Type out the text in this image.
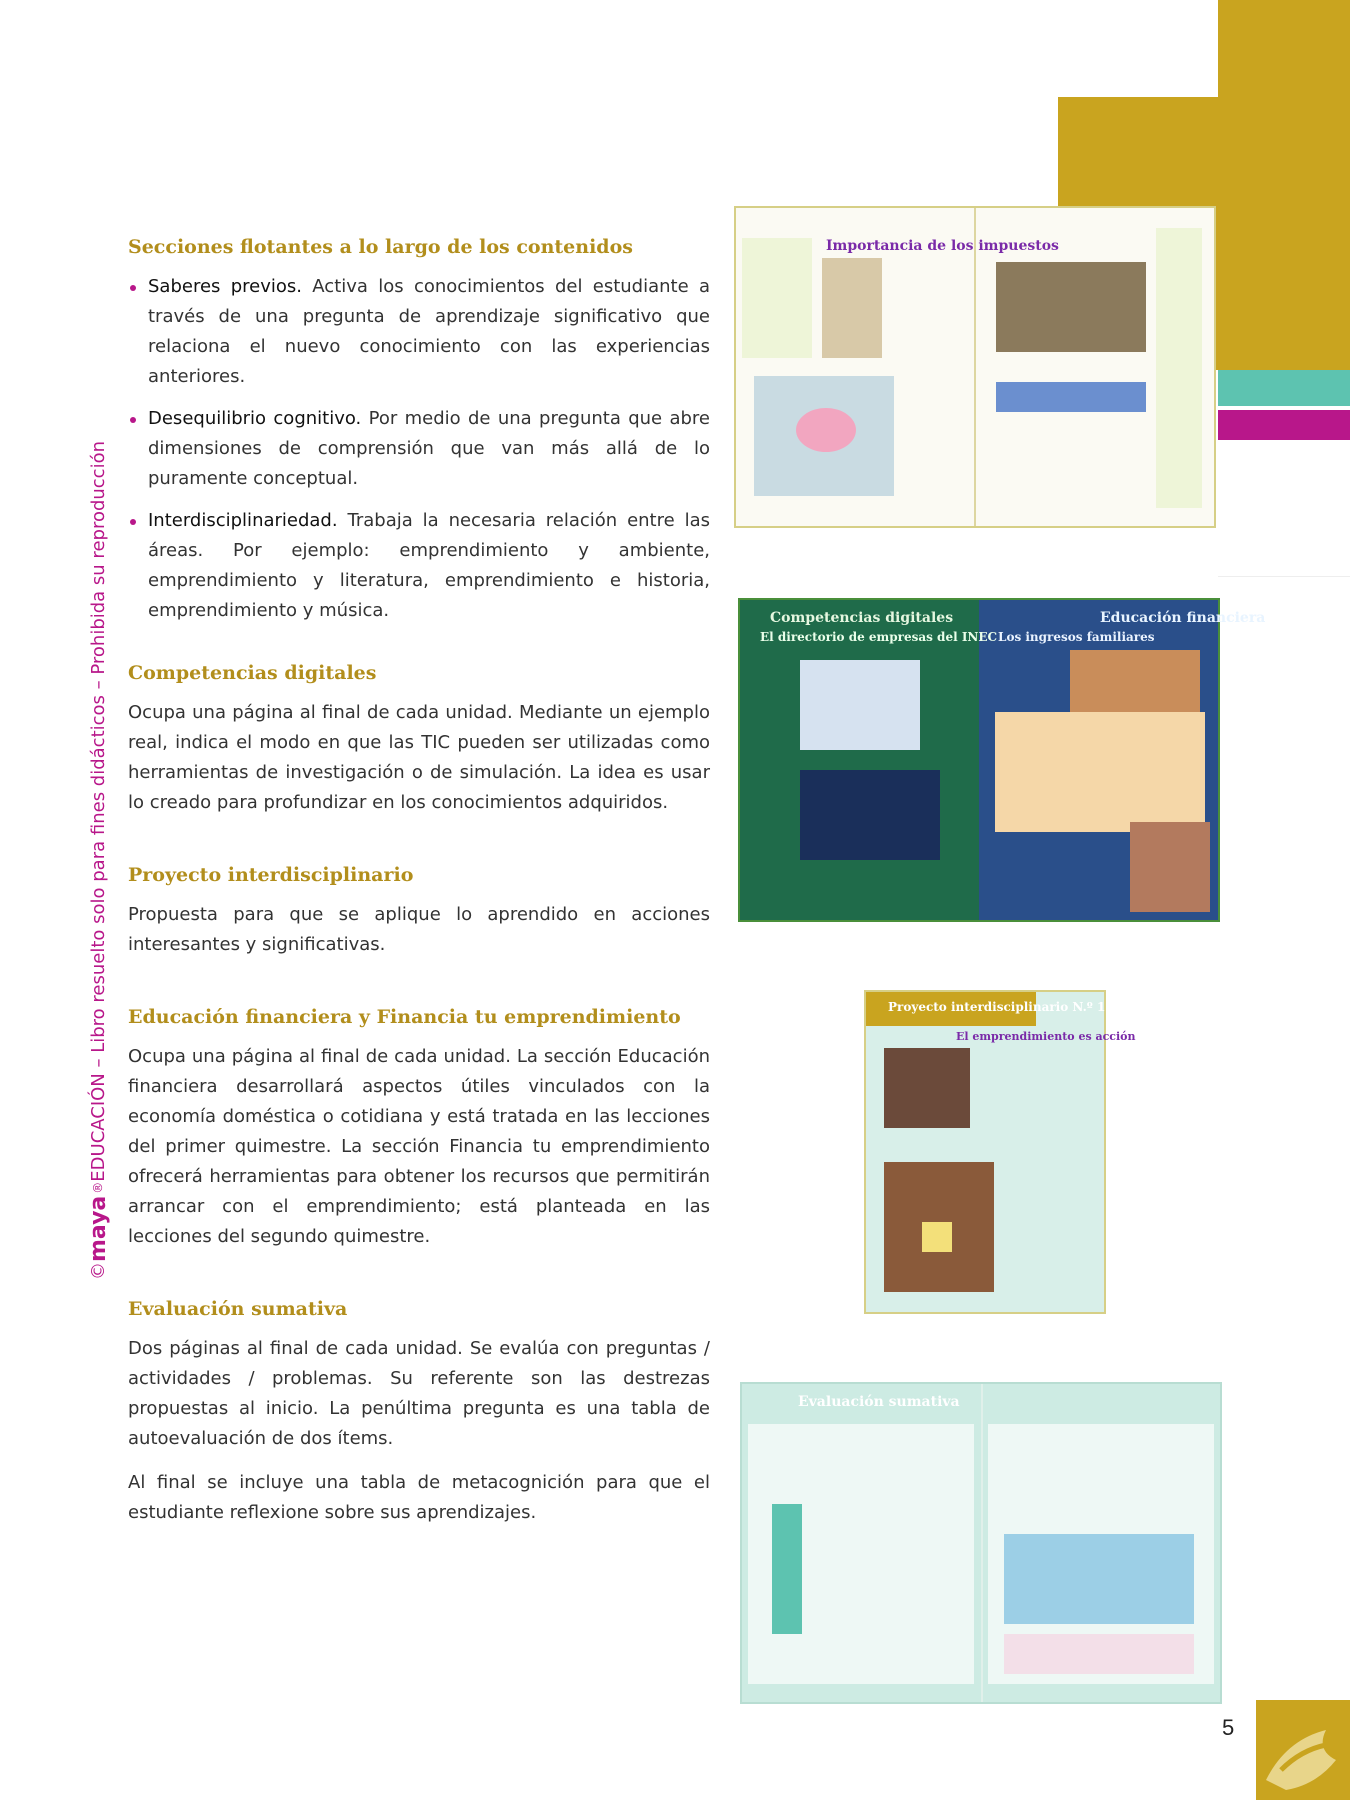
©
maya
®
EDUCACIÓN – Libro resuelto solo para fines didácticos – Prohibida su reproducción
Secciones flotantes a lo largo de los contenidos
Saberes previos. Activa los conocimientos del estudiante a través de una pregunta de aprendizaje significativo que relaciona el nuevo conocimiento con las experiencias anteriores.
Desequilibrio cognitivo. Por medio de una pregunta que abre dimensiones de comprensión que van más allá de lo puramente conceptual.
Interdisciplinariedad. Trabaja la necesaria relación entre las áreas. Por ejemplo: emprendimiento y ambiente, emprendimiento y literatura, emprendimiento e historia, emprendimiento y música.
Competencias digitales

Ocupa una página al final de cada unidad. Mediante un ejemplo real, indica el modo en que las TIC pueden ser utilizadas como herramientas de investigación o de simulación. La idea es usar lo creado para profundizar en los conocimientos adquiridos.

Proyecto interdisciplinario

Propuesta para que se aplique lo aprendido en acciones interesantes y significativas.

Educación financiera y Financia tu emprendimiento

Ocupa una página al final de cada unidad. La sección Educación financiera desarrollará aspectos útiles vinculados con la economía doméstica o cotidiana y está tratada en las lecciones del primer quimestre. La sección Financia tu emprendimiento ofrecerá herramientas para obtener los recursos que permitirán arrancar con el emprendimiento; está planteada en las lecciones del segundo quimestre.

Evaluación sumativa

Dos páginas al final de cada unidad. Se evalúa con preguntas / actividades / problemas. Su referente son las destrezas propuestas al inicio. La penúltima pregunta es una tabla de autoevaluación de dos ítems.

Al final se incluye una tabla de metacognición para que el estudiante reflexione sobre sus aprendizajes.

Importancia de los impuestos
Competencias digitales
El directorio de empresas del INEC
Educación financiera
Los ingresos familiares
Proyecto interdisciplinario N.º 1
El emprendimiento es acción
Evaluación sumativa
5
